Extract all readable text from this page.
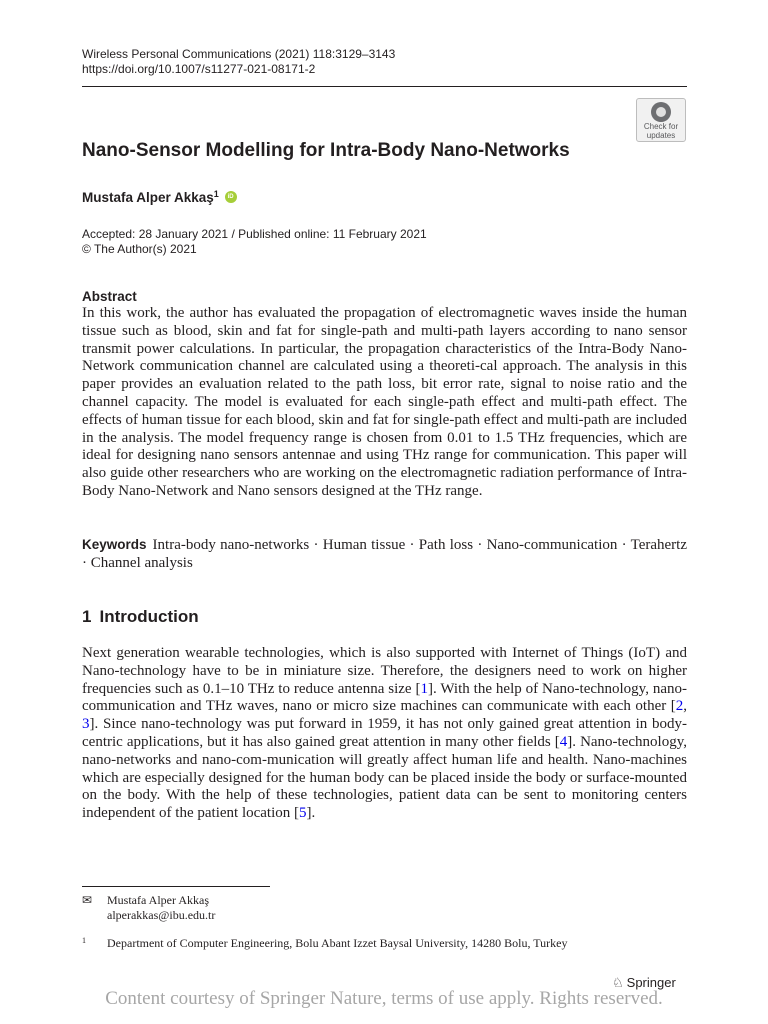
Wireless Personal Communications (2021) 118:3129–3143
https://doi.org/10.1007/s11277-021-08171-2
Check for
updates
Nano-Sensor Modelling for Intra-Body Nano-Networks
Mustafa Alper Akkaş$^1$ iD
Accepted: 28 January 2021 / Published online: 11 February 2021
© The Author(s) 2021
Abstract

In this work, the author has evaluated the propagation of electromagnetic waves inside the human tissue such as blood, skin and fat for single-path and multi-path layers according to nano sensor transmit power calculations. In particular, the propagation characteristics of the Intra-Body Nano-Network communication channel are calculated using a theoreti-cal approach. The analysis in this paper provides an evaluation related to the path loss, bit error rate, signal to noise ratio and the channel capacity. The model is evaluated for each single-path effect and multi-path effect. The effects of human tissue for each blood, skin and fat for single-path effect and multi-path are included in the analysis. The model frequency range is chosen from 0.01 to 1.5 THz frequencies, which are ideal for designing nano sensors antennae and using THz range for communication. This paper will also guide other researchers who are working on the electromagnetic radiation performance of Intra-Body Nano-Network and Nano sensors designed at the THz range.

Keywords Intra-body nano-networks · Human tissue · Path loss · Nano-communication · Terahertz · Channel analysis

1 Introduction

Next generation wearable technologies, which is also supported with Internet of Things (IoT) and Nano-technology have to be in miniature size. Therefore, the designers need to work on higher frequencies such as 0.1–10 THz to reduce antenna size [1]. With the help of Nano-technology, nano-communication and THz waves, nano or micro size machines can communicate with each other [2, 3]. Since nano-technology was put forward in 1959, it has not only gained great attention in body-centric applications, but it has also gained great attention in many other fields [4]. Nano-technology, nano-networks and nano-com-munication will greatly affect human life and health. Nano-machines which are especially designed for the human body can be placed inside the body or surface-mounted on the body. With the help of these technologies, patient data can be sent to monitoring centers independent of the patient location [5].

✉ Mustafa Alper Akkaş
alperakkas@ibu.edu.tr
1 Department of Computer Engineering, Bolu Abant Izzet Baysal University, 14280 Bolu, Turkey
♘ Springer
Content courtesy of Springer Nature, terms of use apply. Rights reserved.
